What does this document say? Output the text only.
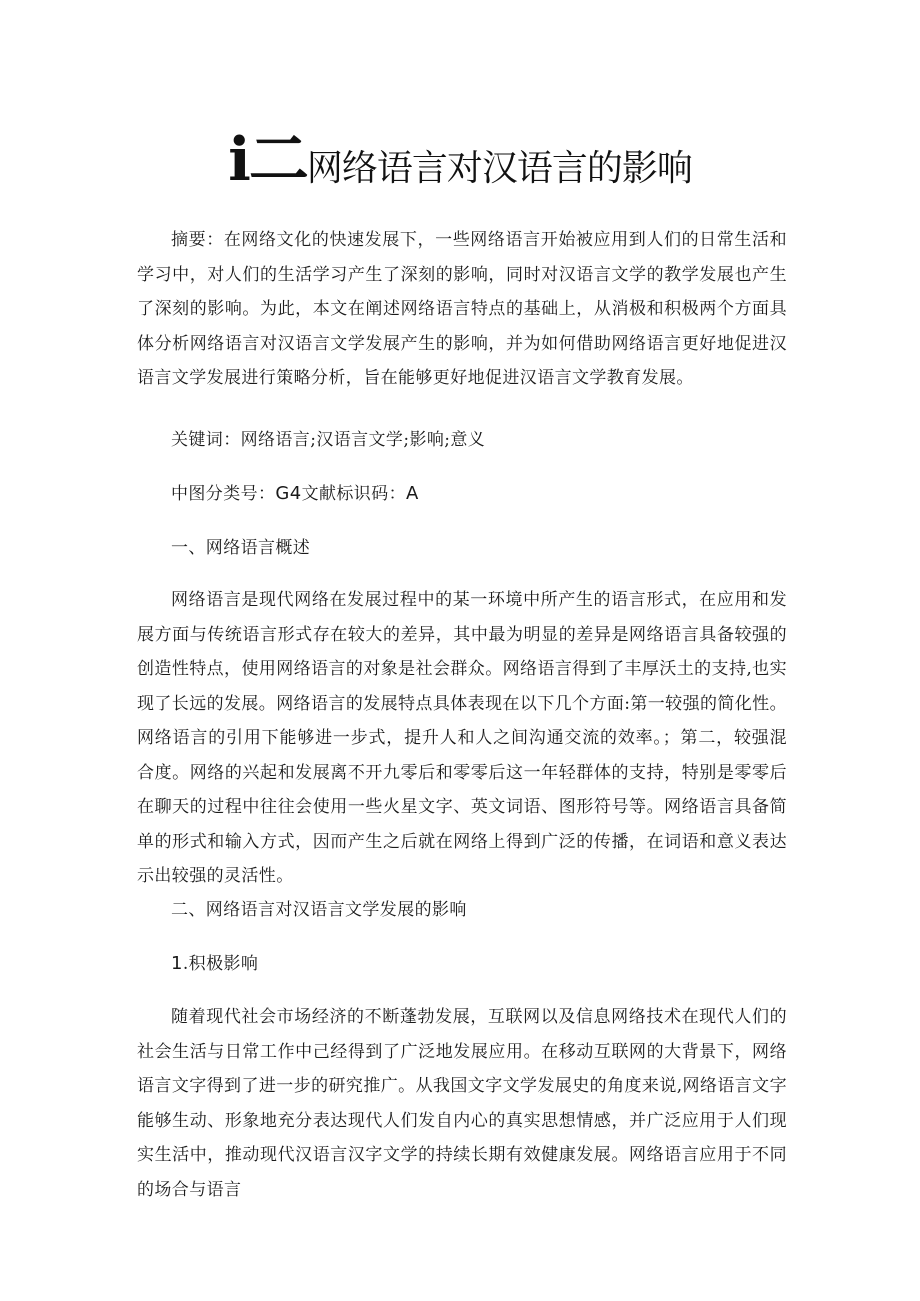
i二网络语言对汉语言的影响

摘要：在网络文化的快速发展下，一些网络语言开始被应用到人们的日常生活和学习中，对人们的生活学习产生了深刻的影响，同时对汉语言文学的教学发展也产生了深刻的影响。为此，本文在阐述网络语言特点的基础上，从消极和积极两个方面具体分析网络语言对汉语言文学发展产生的影响，并为如何借助网络语言更好地促进汉语言文学发展进行策略分析，旨在能够更好地促进汉语言文学教育发展。

关键词：网络语言;汉语言文学;影响;意义

中图分类号：G4文献标识码：A

一、网络语言概述

网络语言是现代网络在发展过程中的某一环境中所产生的语言形式，在应用和发展方面与传统语言形式存在较大的差异，其中最为明显的差异是网络语言具备较强的创造性特点，使用网络语言的对象是社会群众。网络语言得到了丰厚沃土的支持,也实现了长远的发展。网络语言的发展特点具体表现在以下几个方面:第一较强的简化性。网络语言的引用下能够进一步式，提升人和人之间沟通交流的效率。；第二，较强混合度。网络的兴起和发展离不开九零后和零零后这一年轻群体的支持，特别是零零后在聊天的过程中往往会使用一些火星文字、英文词语、图形符号等。网络语言具备简单的形式和输入方式，因而产生之后就在网络上得到广泛的传播，在词语和意义表达示出较强的灵活性。

二、网络语言对汉语言文学发展的影响

1.积极影响

随着现代社会市场经济的不断蓬勃发展，互联网以及信息网络技术在现代人们的社会生活与日常工作中己经得到了广泛地发展应用。在移动互联网的大背景下，网络语言文字得到了进一步的研究推广。从我国文字文学发展史的角度来说,网络语言文字能够生动、形象地充分表达现代人们发自内心的真实思想情感，并广泛应用于人们现实生活中，推动现代汉语言汉字文学的持续长期有效健康发展。网络语言应用于不同的场合与语言
